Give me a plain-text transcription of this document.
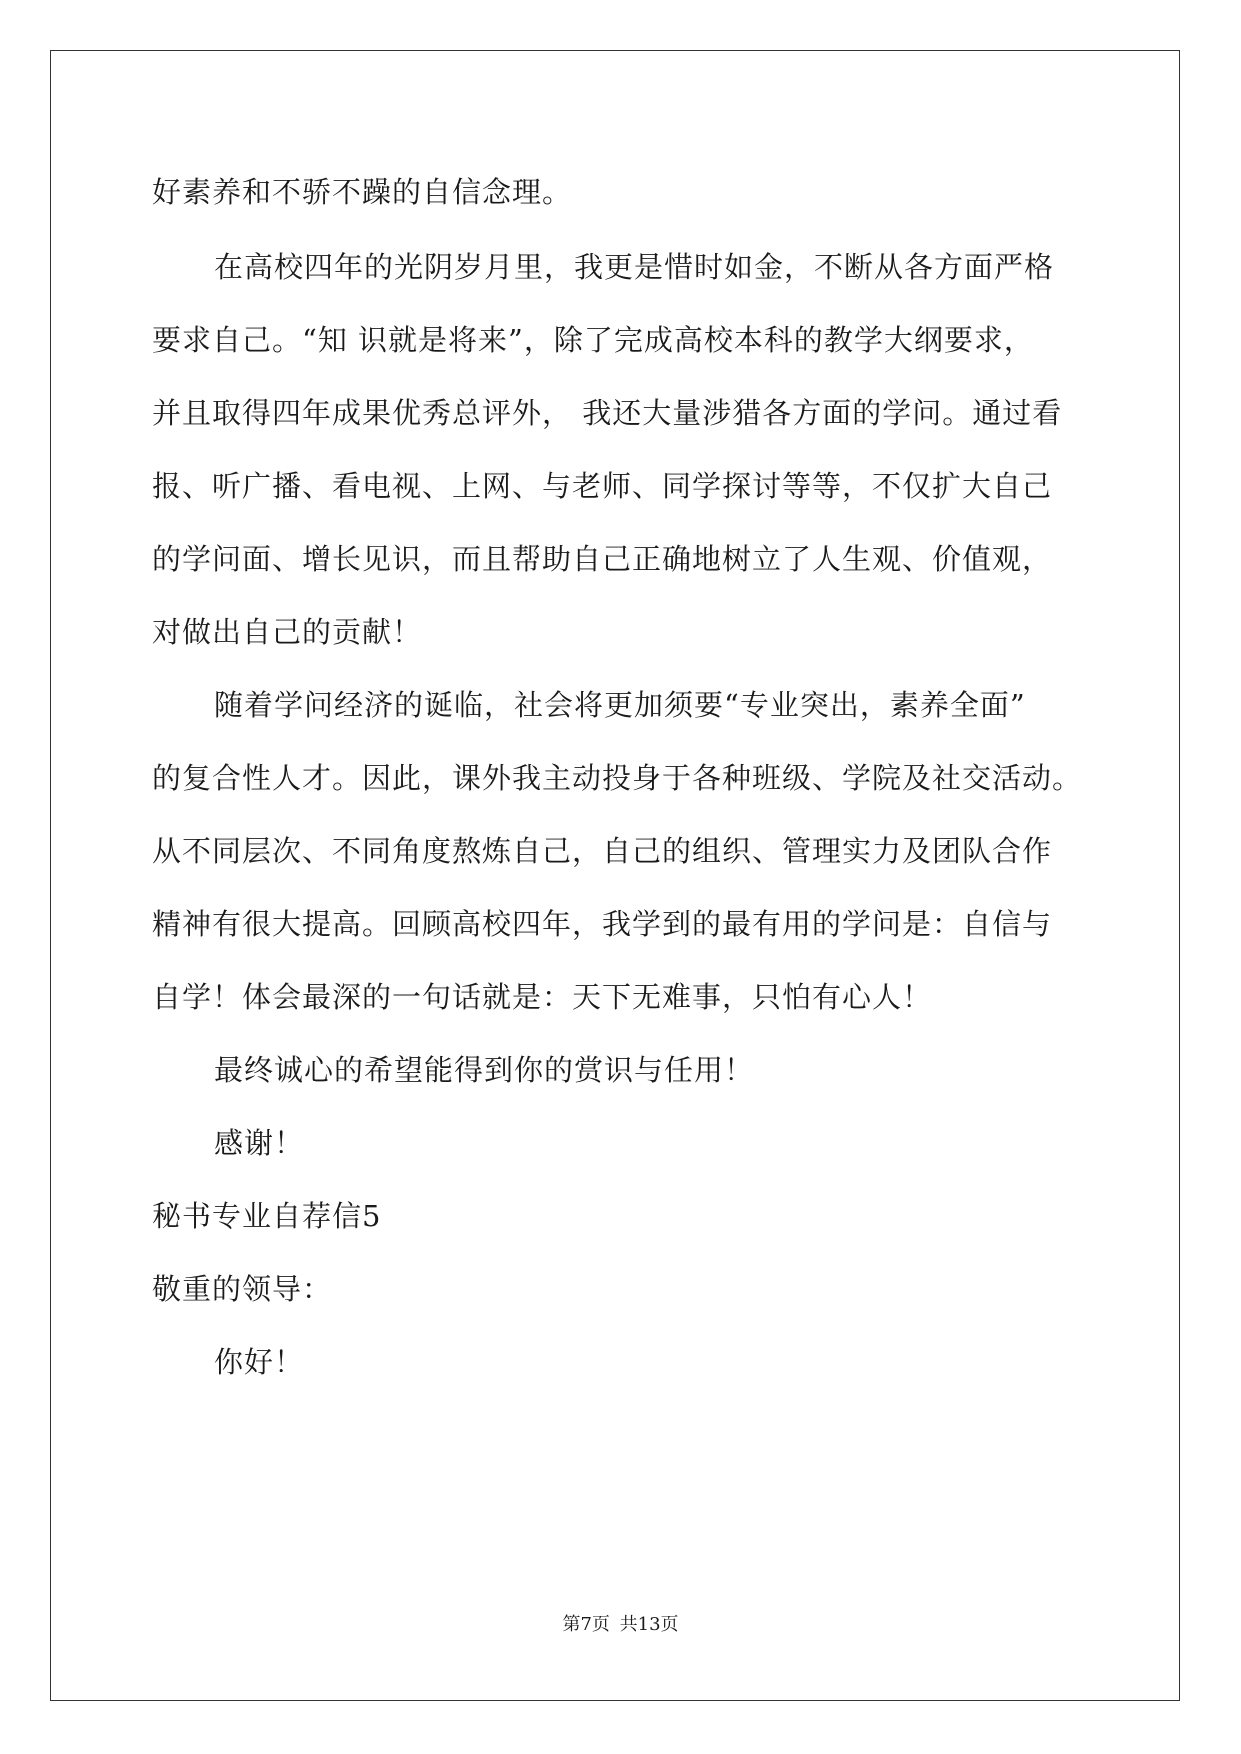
好素养和不骄不躁的自信念理。
在高校四年的光阴岁月里，我更是惜时如金，不断从各方面严格
要求自己。“知 识就是将来”，除了完成高校本科的教学大纲要求，
并且取得四年成果优秀总评外， 我还大量涉猎各方面的学问。通过看
报、听广播、看电视、上网、与老师、同学探讨等等，不仅扩大自己
的学问面、增长见识，而且帮助自己正确地树立了人生观、价值观，
对做出自己的贡献！
随着学问经济的诞临，社会将更加须要“专业突出，素养全面”
的复合性人才。因此，课外我主动投身于各种班级、学院及社交活动。
从不同层次、不同角度熬炼自己，自己的组织、管理实力及团队合作
精神有很大提高。回顾高校四年，我学到的最有用的学问是：自信与
自学！体会最深的一句话就是：天下无难事，只怕有心人！
最终诚心的希望能得到你的赏识与任用！
感谢！
秘书专业自荐信5
敬重的领导：
你好！
第7页 共13页
